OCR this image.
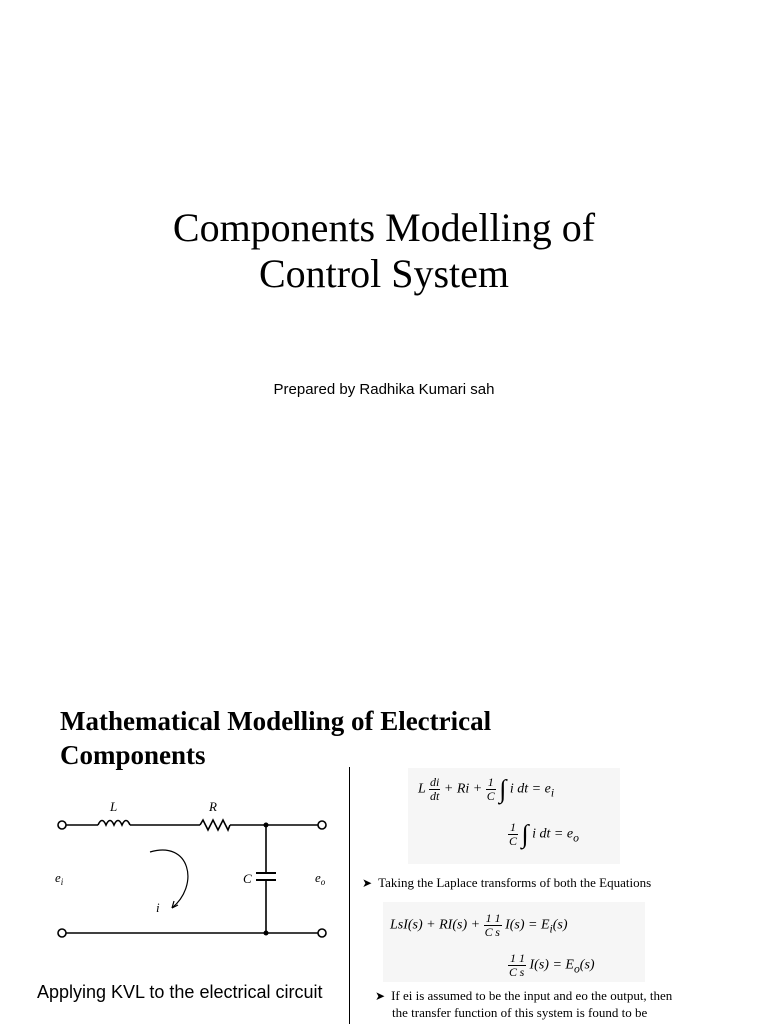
Components Modelling of
Control System
Prepared by Radhika Kumari sah
Mathematical Modelling of Electrical
Components
L	R
C
$e_i$	$e_o$
i
Applying KVL to the electrical circuit
L $\frac{di}{dt} + Ri + \frac{1}{C}$ ∫ i dt = $e_i$
$\frac{1}{C}$ ∫ i dt = $e_o$
➤ Taking the Laplace transforms of both the Equations
$LsI(s) + RI(s) + \frac{1}{C} \frac{1}{s} I(s) = E_i(s)$
$\frac{1}{C} \frac{1}{s} I(s) = E_o(s)$
➤ If ei is assumed to be the input and eo the output, then
the transfer function of this system is found to be
